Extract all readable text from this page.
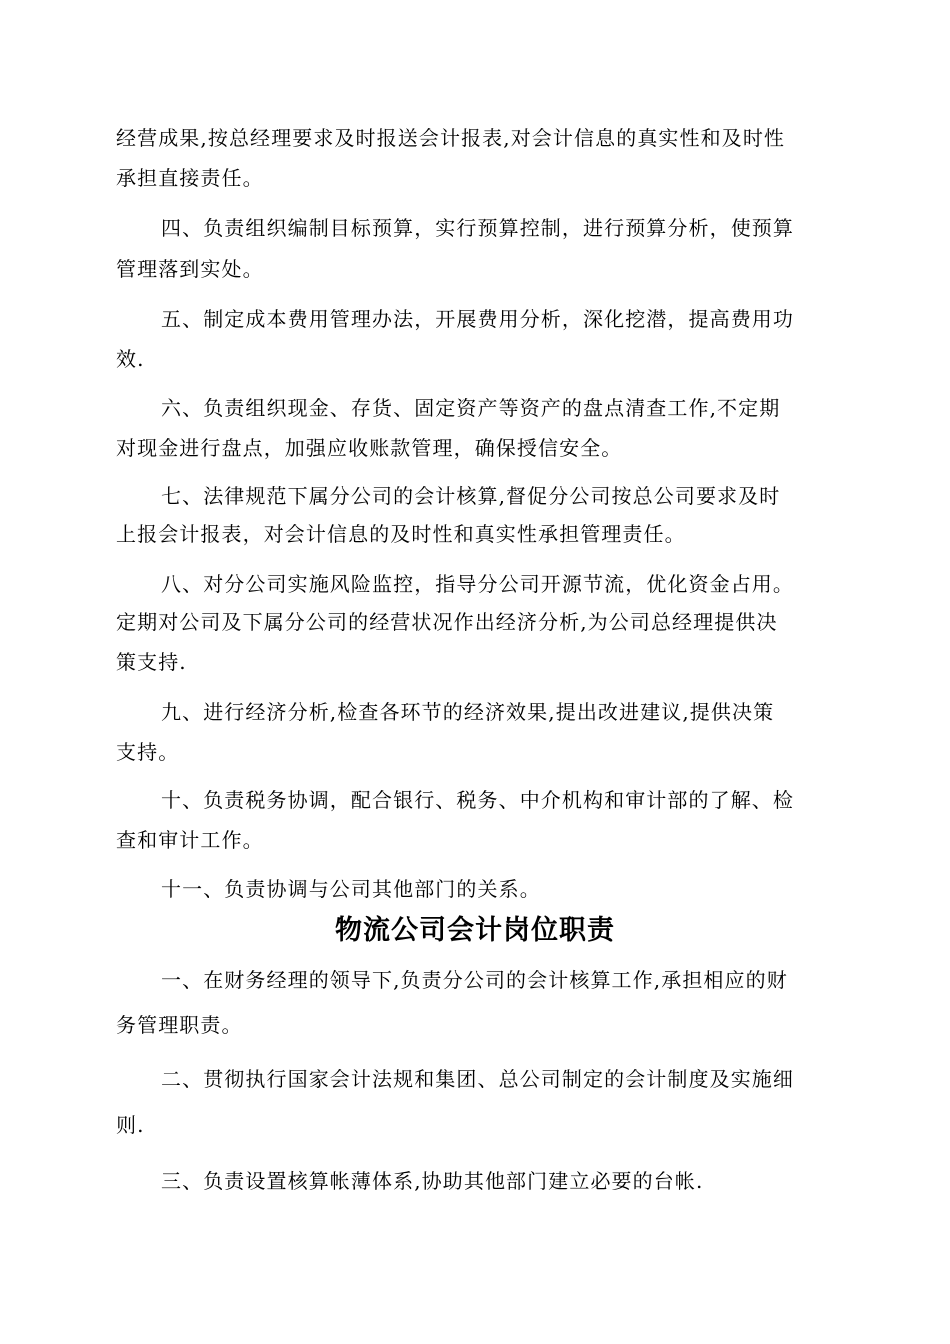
经营成果,按总经理要求及时报送会计报表,对会计信息的真实性和及时性
承担直接责任。
四、负责组织编制目标预算，实行预算控制，进行预算分析，使预算
管理落到实处。
五、制定成本费用管理办法，开展费用分析，深化挖潜，提高费用功
效.
六、负责组织现金、存货、固定资产等资产的盘点清查工作,不定期
对现金进行盘点，加强应收账款管理，确保授信安全。
七、法律规范下属分公司的会计核算,督促分公司按总公司要求及时
上报会计报表，对会计信息的及时性和真实性承担管理责任。
八、对分公司实施风险监控，指导分公司开源节流，优化资金占用。
定期对公司及下属分公司的经营状况作出经济分析,为公司总经理提供决
策支持.
九、进行经济分析,检查各环节的经济效果,提出改进建议,提供决策
支持。
十、负责税务协调，配合银行、税务、中介机构和审计部的了解、检
查和审计工作。
十一、负责协调与公司其他部门的关系。
物流公司会计岗位职责
一、在财务经理的领导下,负责分公司的会计核算工作,承担相应的财
务管理职责。
二、贯彻执行国家会计法规和集团、总公司制定的会计制度及实施细
则.
三、负责设置核算帐薄体系,协助其他部门建立必要的台帐.
